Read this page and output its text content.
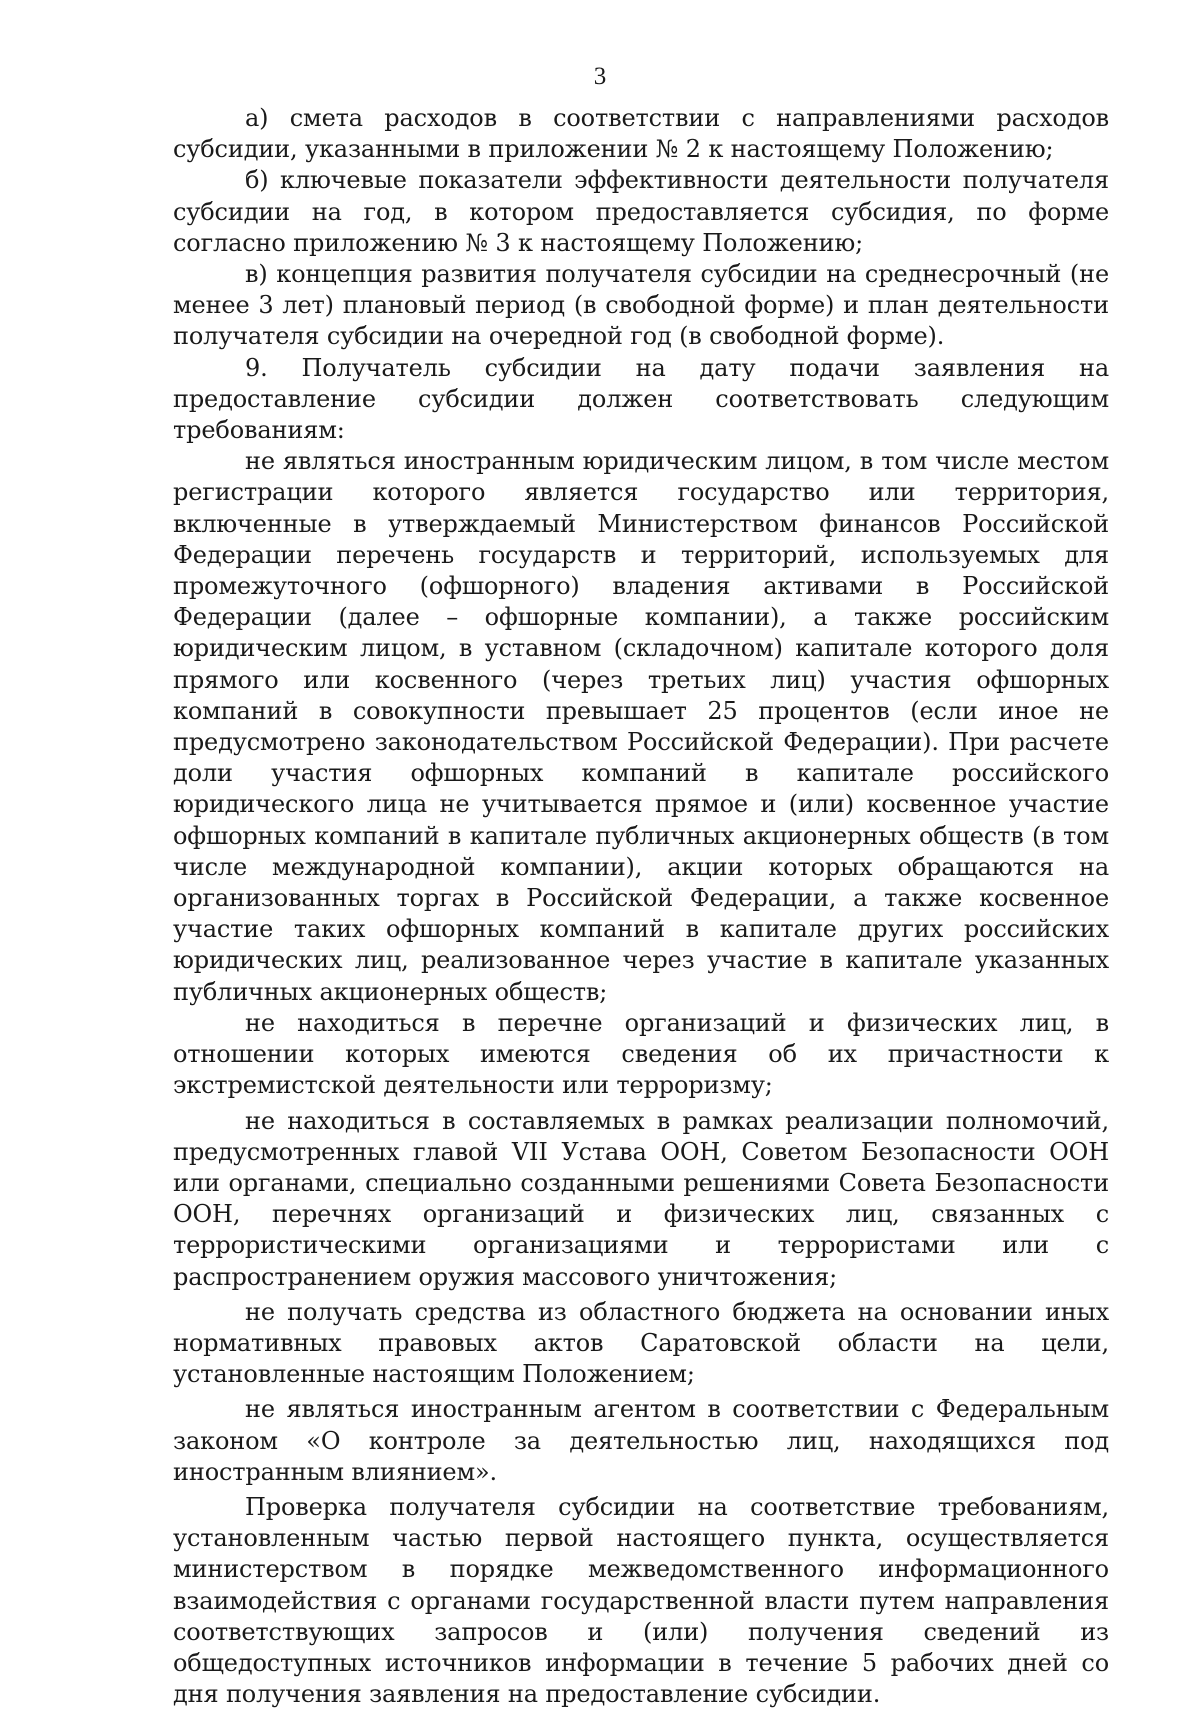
3

а) смета расходов в соответствии с направлениями расходов субсидии, указанными в приложении № 2 к настоящему Положению;

б) ключевые показатели эффективности деятельности получателя субсидии на год, в котором предоставляется субсидия, по форме согласно приложению № 3 к настоящему Положению;

в) концепция развития получателя субсидии на среднесрочный (не менее 3 лет) плановый период (в свободной форме) и план деятельности получателя субсидии на очередной год (в свободной форме).

9. Получатель субсидии на дату подачи заявления на предоставление субсидии должен соответствовать следующим требованиям:

не являться иностранным юридическим лицом, в том числе местом регистрации которого является государство или территория, включенные в утверждаемый Министерством финансов Российской Федерации перечень государств и территорий, используемых для промежуточного (офшорного) владения активами в Российской Федерации (далее – офшорные компании), а также российским юридическим лицом, в уставном (складочном) капитале которого доля прямого или косвенного (через третьих лиц) участия офшорных компаний в совокупности превышает 25 процентов (если иное не предусмотрено законодательством Российской Федерации). При расчете доли участия офшорных компаний в капитале российского юридического лица не учитывается прямое и (или) косвенное участие офшорных компаний в капитале публичных акционерных обществ (в том числе международной компании), акции которых обращаются на организованных торгах в Российской Федерации, а также косвенное участие таких офшорных компаний в капитале других российских юридических лиц, реализованное через участие в капитале указанных публичных акционерных обществ;

не находиться в перечне организаций и физических лиц, в отношении которых имеются сведения об их причастности к экстремистской деятельности или терроризму;

не находиться в составляемых в рамках реализации полномочий, предусмотренных главой VII Устава ООН, Советом Безопасности ООН или органами, специально созданными решениями Совета Безопасности ООН, перечнях организаций и физических лиц, связанных с террористическими организациями и террористами или с распространением оружия массового уничтожения;

не получать средства из областного бюджета на основании иных нормативных правовых актов Саратовской области на цели, установленные настоящим Положением;

не являться иностранным агентом в соответствии с Федеральным законом «О контроле за деятельностью лиц, находящихся под иностранным влиянием».

Проверка получателя субсидии на соответствие требованиям, установленным частью первой настоящего пункта, осуществляется министерством в порядке межведомственного информационного взаимодействия с органами государственной власти путем направления соответствующих запросов и (или) получения сведений из общедоступных источников информации в течение 5 рабочих дней со дня получения заявления на предоставление субсидии.
